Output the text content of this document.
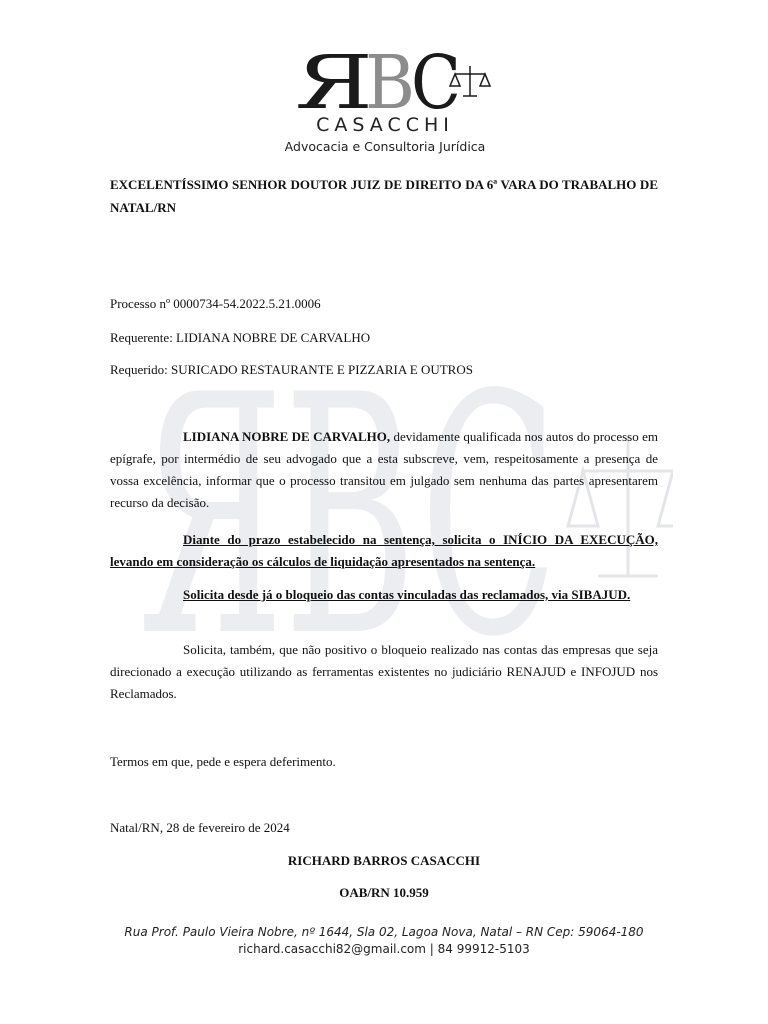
ЯBC
Я
B
C
CASACCHI
Advocacia e Consultoria Jurídica
EXCELENTÍSSIMO SENHOR DOUTOR JUIZ DE DIREITO DA 6ª VARA DO TRABALHO DE NATAL/RN
Processo nº 0000734-54.2022.5.21.0006
Requerente: LIDIANA NOBRE DE CARVALHO
Requerido: SURICADO RESTAURANTE E PIZZARIA E OUTROS
LIDIANA NOBRE DE CARVALHO, devidamente qualificada nos autos do processo em epígrafe, por intermédio de seu advogado que a esta subscreve, vem, respeitosamente a presença de vossa excelência, informar que o processo transitou em julgado sem nenhuma das partes apresentarem recurso da decisão.
Diante do prazo estabelecido na sentença, solicita o INÍCIO DA EXECUÇÃO, levando em consideração os cálculos de liquidação apresentados na sentença.
Solicita desde já o bloqueio das contas vinculadas das reclamados, via SIBAJUD.
Solicita, também, que não positivo o bloqueio realizado nas contas das empresas que seja direcionado a execução utilizando as ferramentas existentes no judiciário RENAJUD e INFOJUD nos Reclamados.
Termos em que, pede e espera deferimento.
Natal/RN, 28 de fevereiro de 2024
RICHARD BARROS CASACCHI
OAB/RN 10.959
Rua Prof. Paulo Vieira Nobre, nº 1644, Sla 02, Lagoa Nova, Natal – RN Cep: 59064-180
richard.casacchi82@gmail.com | 84 99912-5103
